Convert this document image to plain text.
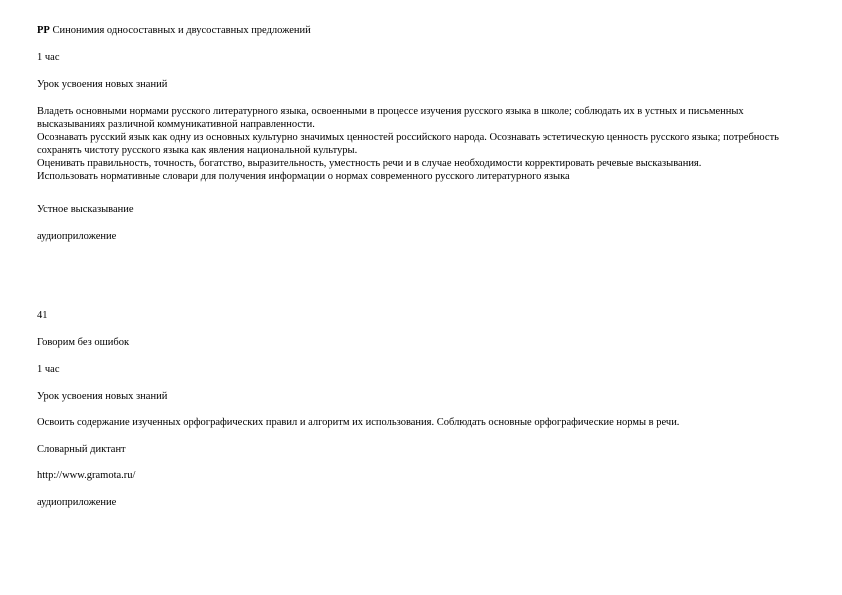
РР Синонимия односоставных и двусоставных предложений
1 час
Урок усвоения новых знаний

Владеть основными нормами русского литературного языка, освоенными в процессе изучения русского языка в школе; соблюдать их в устных и письменных высказываниях различной коммуникативной направленности.

Осознавать русский язык как одну из основных культурно значимых ценностей российского народа. Осознавать эстетическую ценность русского языка; потребность сохранять чистоту русского языка как явления национальной культуры.

Оценивать правильность, точность, богатство, выразительность, уместность речи и в случае необходимости корректировать речевые высказывания.

Использовать нормативные словари для получения информации о нормах современного русского литературного языка

Устное высказывание
аудиоприложение
41
Говорим без ошибок
1 час
Урок усвоения новых знаний
Освоить содержание изученных орфографических правил и алгоритм их использования. Соблюдать основные орфографические нормы в речи.
Словарный диктант
http://www.gramota.ru/
аудиоприложение
